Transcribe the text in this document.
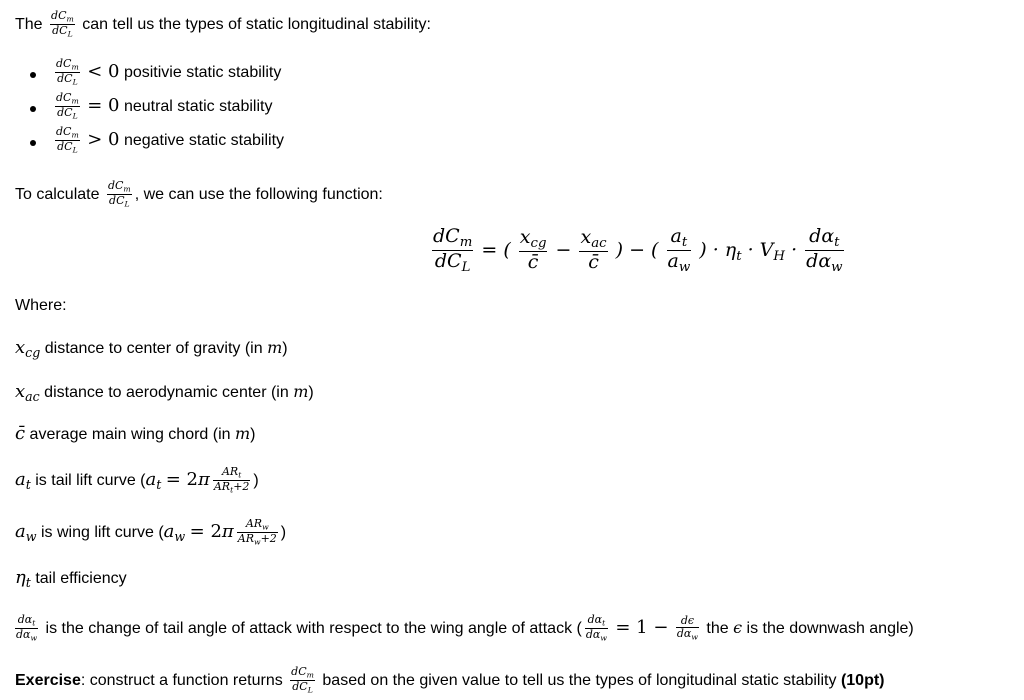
The $\frac{dC_m}{dC_L}$ can tell us the types of static longitudinal stability:
$\frac{dC_m}{dC_L} < 0$ positivie static stability
$\frac{dC_m}{dC_L} = 0$ neutral static stability
$\frac{dC_m}{dC_L} > 0$ negative static stability
To calculate $\frac{dC_m}{dC_L}$ , we can use the following function:
$\frac{dC_m}{dC_L}$ = ( $\frac{x_{cg}}{c̄} - \frac{x_{ac}}{c̄}$ ) − ( $\frac{a_t}{a_w}$ ) · $\eta_t \cdot V_H \cdot \frac{d\alpha_t}{d\alpha_w}$
Where:
$x_{cg}$ distance to center of gravity (in m)
$x_{ac}$ distance to aerodynamic center (in m)
c̄ average main wing chord (in m)
$a_t$ is tail lift curve ($a_t = 2\pi \frac{AR_t}{AR_t+2}$ )
$a_w$ is wing lift curve ($a_w = 2\pi \frac{AR_w}{AR_w+2}$ )
$\eta_t$ tail efficiency
$\frac{d\alpha_t}{d\alpha_w}$ is the change of tail angle of attack with respect to the wing angle of attack ( $\frac{d\alpha_t}{d\alpha_w} = 1 - \frac{d\epsilon}{d\alpha_w}$ the ϵ is the downwash angle)
Exercise: construct a function returns $\frac{dC_m}{dC_L}$ based on the given value to tell us the types of longitudinal static stability (10pt)
